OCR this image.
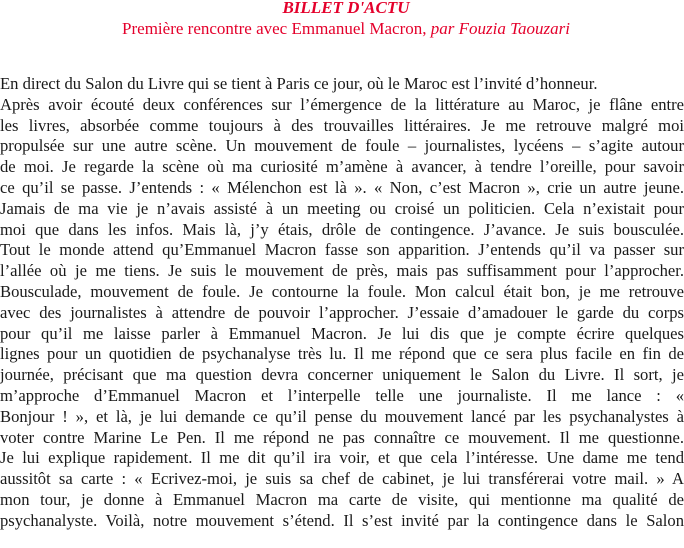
BILLET D'ACTU
Première rencontre avec Emmanuel Macron, par Fouzia Taouzari
En direct du Salon du Livre qui se tient à Paris ce jour, où le Maroc est l’invité d’honneur.
Après avoir écouté deux conférences sur l’émergence de la littérature au Maroc, je flâne entre
les livres, absorbée comme toujours à des trouvailles littéraires. Je me retrouve malgré moi
propulsée sur une autre scène. Un mouvement de foule – journalistes, lycéens – s’agite autour
de moi. Je regarde la scène où ma curiosité m’amène à avancer, à tendre l’oreille, pour savoir
ce qu’il se passe. J’entends : « Mélenchon est là ». « Non, c’est Macron », crie un autre jeune.
Jamais de ma vie je n’avais assisté à un meeting ou croisé un politicien. Cela n’existait pour
moi que dans les infos. Mais là, j’y étais, drôle de contingence. J’avance. Je suis bousculée.
Tout le monde attend qu’Emmanuel Macron fasse son apparition. J’entends qu’il va passer sur
l’allée où je me tiens. Je suis le mouvement de près, mais pas suffisamment pour l’approcher.
Bousculade, mouvement de foule. Je contourne la foule. Mon calcul était bon, je me retrouve
avec des journalistes à attendre de pouvoir l’approcher. J’essaie d’amadouer le garde du corps
pour qu’il me laisse parler à Emmanuel Macron. Je lui dis que je compte écrire quelques
lignes pour un quotidien de psychanalyse très lu. Il me répond que ce sera plus facile en fin de
journée, précisant que ma question devra concerner uniquement le Salon du Livre. Il sort, je
m’approche d’Emmanuel Macron et l’interpelle telle une journaliste. Il me lance : «
Bonjour ! », et là, je lui demande ce qu’il pense du mouvement lancé par les psychanalystes à
voter contre Marine Le Pen. Il me répond ne pas connaître ce mouvement. Il me questionne.
Je lui explique rapidement. Il me dit qu’il ira voir, et que cela l’intéresse. Une dame me tend
aussitôt sa carte : « Ecrivez-moi, je suis sa chef de cabinet, je lui transférerai votre mail. » A
mon tour, je donne à Emmanuel Macron ma carte de visite, qui mentionne ma qualité de
psychanalyste. Voilà, notre mouvement s’étend. Il s’est invité par la contingence dans le Salon
